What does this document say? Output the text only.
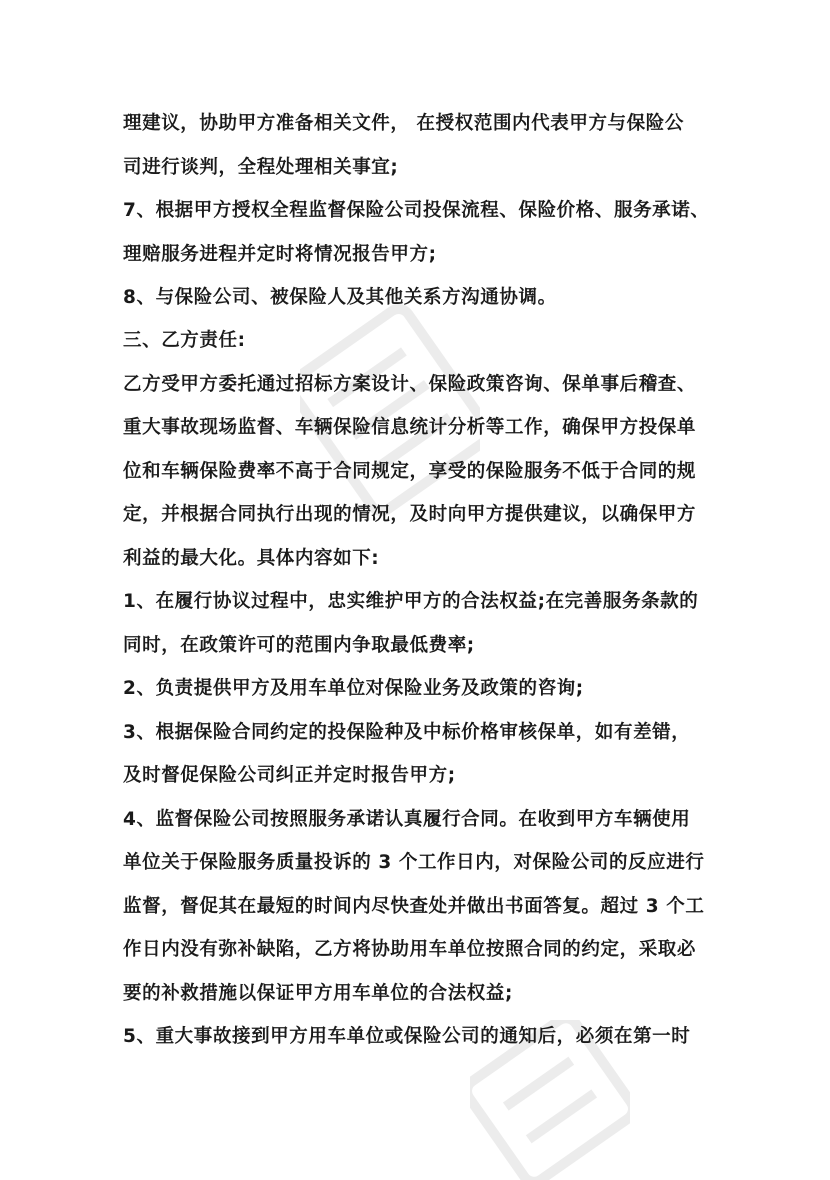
理建议，协助甲方准备相关文件， 在授权范围内代表甲方与保险公
司进行谈判，全程处理相关事宜;
7、根据甲方授权全程监督保险公司投保流程、保险价格、服务承诺、
理赔服务进程并定时将情况报告甲方;
8、与保险公司、被保险人及其他关系方沟通协调。
三、乙方责任:
乙方受甲方委托通过招标方案设计、保险政策咨询、保单事后稽查、
重大事故现场监督、车辆保险信息统计分析等工作，确保甲方投保单
位和车辆保险费率不高于合同规定，享受的保险服务不低于合同的规
定，并根据合同执行出现的情况，及时向甲方提供建议，以确保甲方
利益的最大化。具体内容如下:
1、在履行协议过程中，忠实维护甲方的合法权益;在完善服务条款的
同时，在政策许可的范围内争取最低费率;
2、负责提供甲方及用车单位对保险业务及政策的咨询;
3、根据保险合同约定的投保险种及中标价格审核保单，如有差错，
及时督促保险公司纠正并定时报告甲方;
4、监督保险公司按照服务承诺认真履行合同。在收到甲方车辆使用
单位关于保险服务质量投诉的 3 个工作日内，对保险公司的反应进行
监督，督促其在最短的时间内尽快查处并做出书面答复。超过 3 个工
作日内没有弥补缺陷，乙方将协助用车单位按照合同的约定，采取必
要的补救措施以保证甲方用车单位的合法权益;
5、重大事故接到甲方用车单位或保险公司的通知后，必须在第一时
